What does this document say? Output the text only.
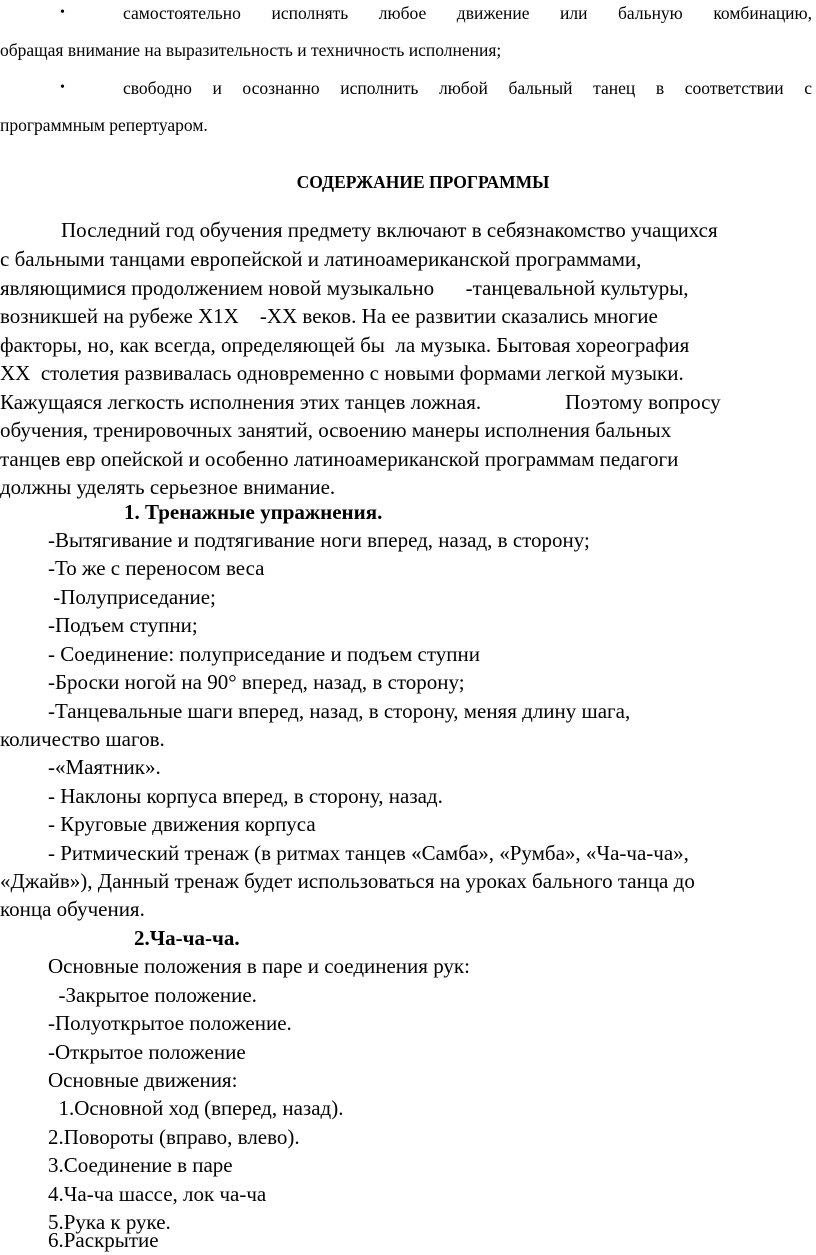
•	самостоятельно исполнять любое движение или бальную комбинацию,
обращая внимание на выразительность и техничность исполнения;
•	свободно и осознанно исполнить любой бальный танец в соответствии с
программным репертуаром.
СОДЕРЖАНИЕ ПРОГРАММЫ
Последний год обучения предмету включают в себязнакомство учащихся
с бальными танцами европейской и латиноамериканской программами,
являющимися продолжением новой музыкально      -танцевальной культуры,
возникшей на рубеже Х1Х    -ХХ веков. На ее развитии сказались многие
факторы, но, как всегда, определяющей бы  ла музыка. Бытовая хореография
ХХ  столетия развивалась одновременно с новыми формами легкой музыки.
Кажущаяся легкость исполнения этих танцев ложная.                Поэтому вопросу
обучения, тренировочных занятий, освоению манеры исполнения бальных
танцев евр опейской и особенно латиноамериканской программам педагоги
должны уделять серьезное внимание.
1. Тренажные упражнения.
-Вытягивание и подтягивание ноги вперед, назад, в сторону;
-То же с переносом веса
-Полуприседание;
-Подъем ступни;
- Соединение: полуприседание и подъем ступни
-Броски ногой на 90° вперед, назад, в сторону;
-Танцевальные шаги вперед, назад, в сторону, меняя длину шага,
количество шагов.
-«Маятник».
- Наклоны корпуса вперед, в сторону, назад.
- Круговые движения корпуса
- Ритмический тренаж (в ритмах танцев «Самба», «Румба», «Ча-ча-ча»,
«Джайв»), Данный тренаж будет использоваться на уроках бального танца до
конца обучения.
2.Ча-ча-ча.
Основные положения в паре и соединения рук:
-Закрытое положение.
-Полуоткрытое положение.
-Открытое положение
Основные движения:
1.Основной ход (вперед, назад).
2.Повороты (вправо, влево).
3.Соединение в паре
4.Ча-ча шассе, лок ча-ча
5.Рука к руке.
6.Раскрытие
